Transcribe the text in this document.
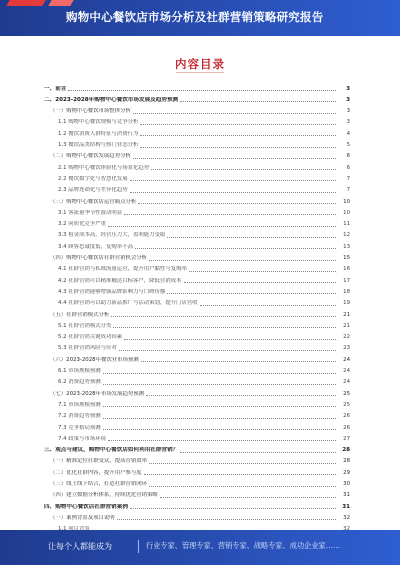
购物中心餐饮店市场分析及社群营销策略研究报告
内容目录
一、前言	3
二、2023-2028年购物中心餐饮市场发展及趋势预测	3
（一）购物中心餐饮市场整体分析	3
1.1 购物中心餐饮规模与竞争分析	3
1.2 餐饮消费人群特征与消费行为	4
1.3 餐饮品类结构与热门业态分析	5
（二）购物中心餐饮发展趋势分析	6
2.1 购物中心餐饮体验化与场景化趋势	6
2.2 餐饮数字化与智慧化发展	7
2.3 品牌连锁化与差异化趋势	7
（三）购物中心餐饮店运营痛点分析	10
3.1 客流量季节性波动明显	10
3.2 同质化竞争严重	11
3.3 租金成本高，经营压力大，盈利能力受限	12
3.4 顾客忠诚度低，复购率不高	13
（四）购物中心餐饮店社群营销机会分析	15
4.1 社群营销与私域流量运营，提升用户黏性与复购率	16
4.2 社群营销可以精准触达目标客户，降低营销成本	17
4.3 社群营销能够增强品牌影响力与口碑传播	18
4.4 社群营销可以助力新品推广与活动策划，提升门店营收	19
（五）社群营销模式分析	21
5.1 社群营销模式分类	21
5.2 社群营销关键成功因素	22
5.3 社群营销风险与应对	23
（六）2023-2028年餐饮业市场预测	24
6.1 市场规模预测	24
6.2 消费趋势预测	24
（七）2023-2028年市场发展趋势预测	25
7.1 市场规模预测	25
7.2 消费趋势预测	26
7.3 竞争格局预测	26
7.4 政策与市场环境	27
三、观点与建议，购物中心餐饮店如何利用社群营销？	28
（一）精准定位社群受众，提高营销效率	28
（二）优化社群内容，提升用户参与度	29
（三）线上线下结合，打造社群营销闭环	30
（四）建立数据分析体系，持续优化营销策略	31
四、购物中心餐饮店社群营销案例	31
（一）案例背景及项目说明	32
让每个人都能成为	行业专家、管理专家、营销专家、战略专家、成功企业家……
